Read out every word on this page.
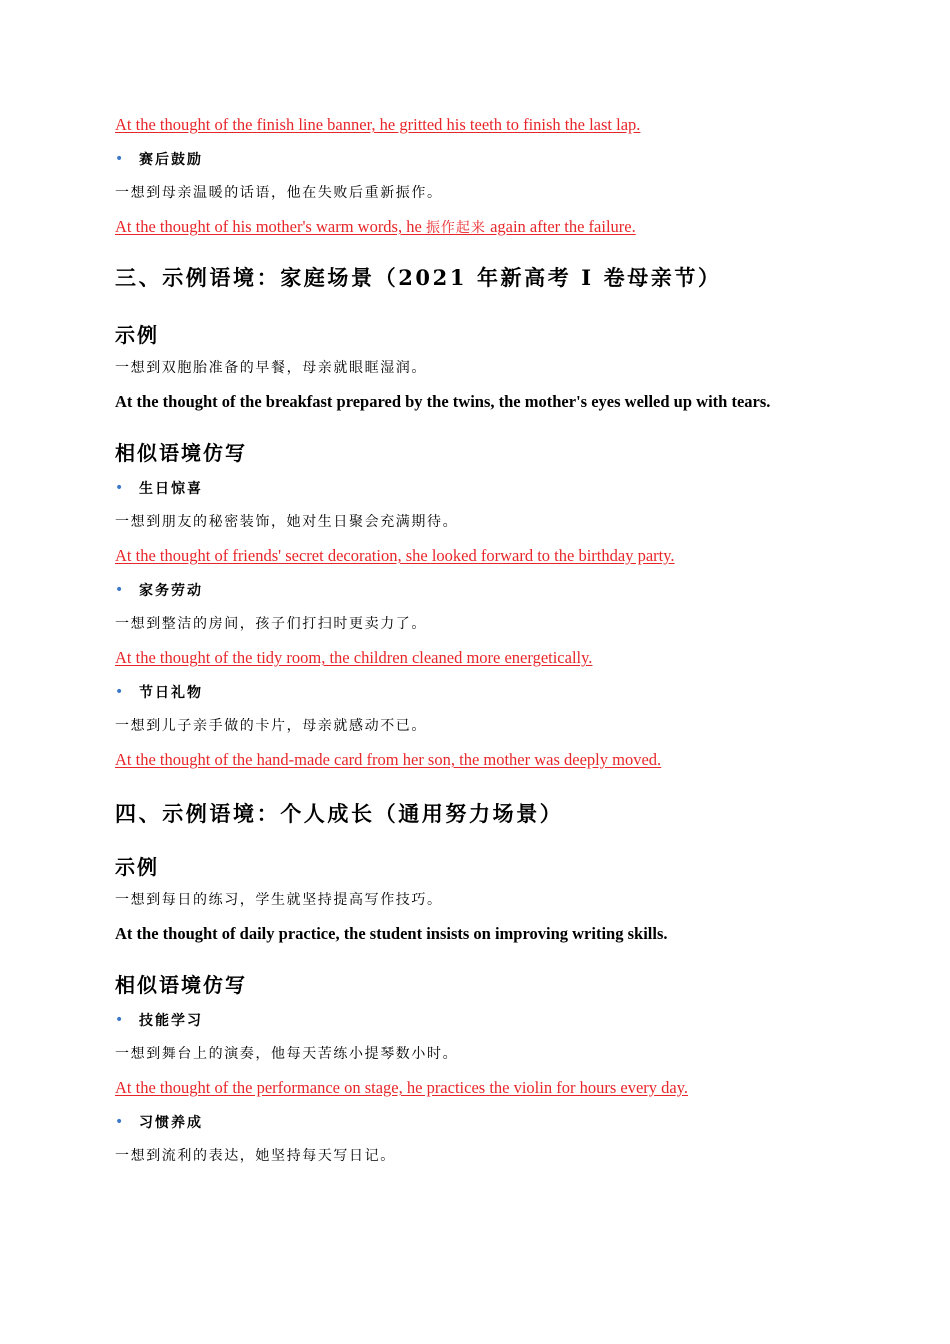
At the thought of the finish line banner, he gritted his teeth to finish the last lap.

•	赛后鼓励

一想到母亲温暖的话语，他在失败后重新振作。

At the thought of his mother's warm words, he 振作起来 again after the failure.

三、示例语境：家庭场景（2021 年新高考 Ⅰ 卷母亲节）

示例

一想到双胞胎准备的早餐，母亲就眼眶湿润。

At the thought of the breakfast prepared by the twins, the mother's eyes welled up with tears.

相似语境仿写

•	生日惊喜

一想到朋友的秘密装饰，她对生日聚会充满期待。

At the thought of friends' secret decoration, she looked forward to the birthday party.

•	家务劳动

一想到整洁的房间，孩子们打扫时更卖力了。

At the thought of the tidy room, the children cleaned more energetically.

•	节日礼物

一想到儿子亲手做的卡片，母亲就感动不已。

At the thought of the hand-made card from her son, the mother was deeply moved.

四、示例语境：个人成长（通用努力场景）

示例

一想到每日的练习，学生就坚持提高写作技巧。

At the thought of daily practice, the student insists on improving writing skills.

相似语境仿写

•	技能学习

一想到舞台上的演奏，他每天苦练小提琴数小时。

At the thought of the performance on stage, he practices the violin for hours every day.

•	习惯养成

一想到流利的表达，她坚持每天写日记。
